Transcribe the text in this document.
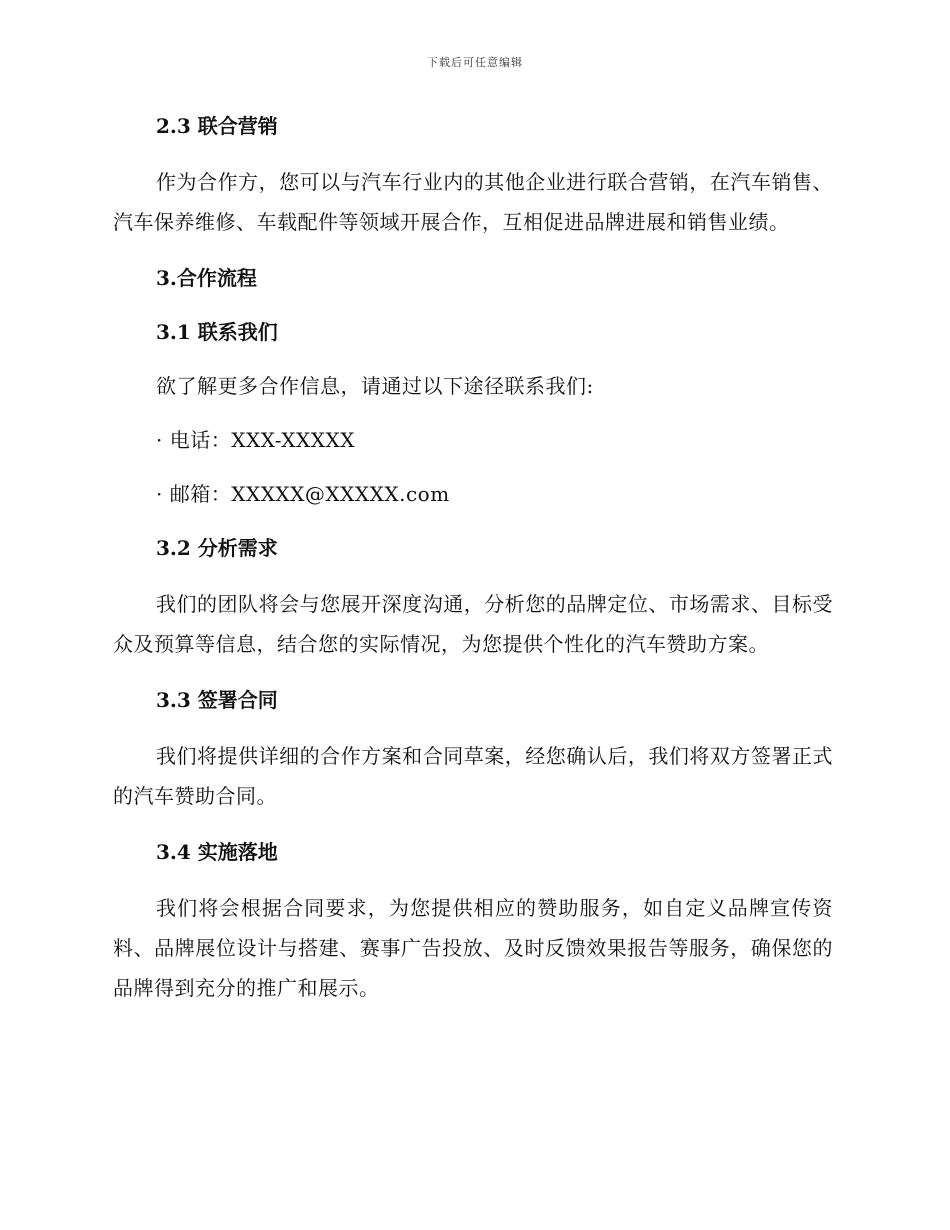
下载后可任意编辑
2.3 联合营销

作为合作方，您可以与汽车行业内的其他企业进行联合营销，在汽车销售、汽车保养维修、车载配件等领域开展合作，互相促进品牌进展和销售业绩。

3.合作流程
3.1 联系我们
欲了解更多合作信息，请通过以下途径联系我们:
· 电话：XXX-XXXXX
· 邮箱：XXXXX@XXXXX.com
3.2 分析需求

我们的团队将会与您展开深度沟通，分析您的品牌定位、市场需求、目标受众及预算等信息，结合您的实际情况，为您提供个性化的汽车赞助方案。

3.3 签署合同

我们将提供详细的合作方案和合同草案，经您确认后，我们将双方签署正式的汽车赞助合同。

3.4 实施落地

我们将会根据合同要求，为您提供相应的赞助服务，如自定义品牌宣传资料、品牌展位设计与搭建、赛事广告投放、及时反馈效果报告等服务，确保您的品牌得到充分的推广和展示。
